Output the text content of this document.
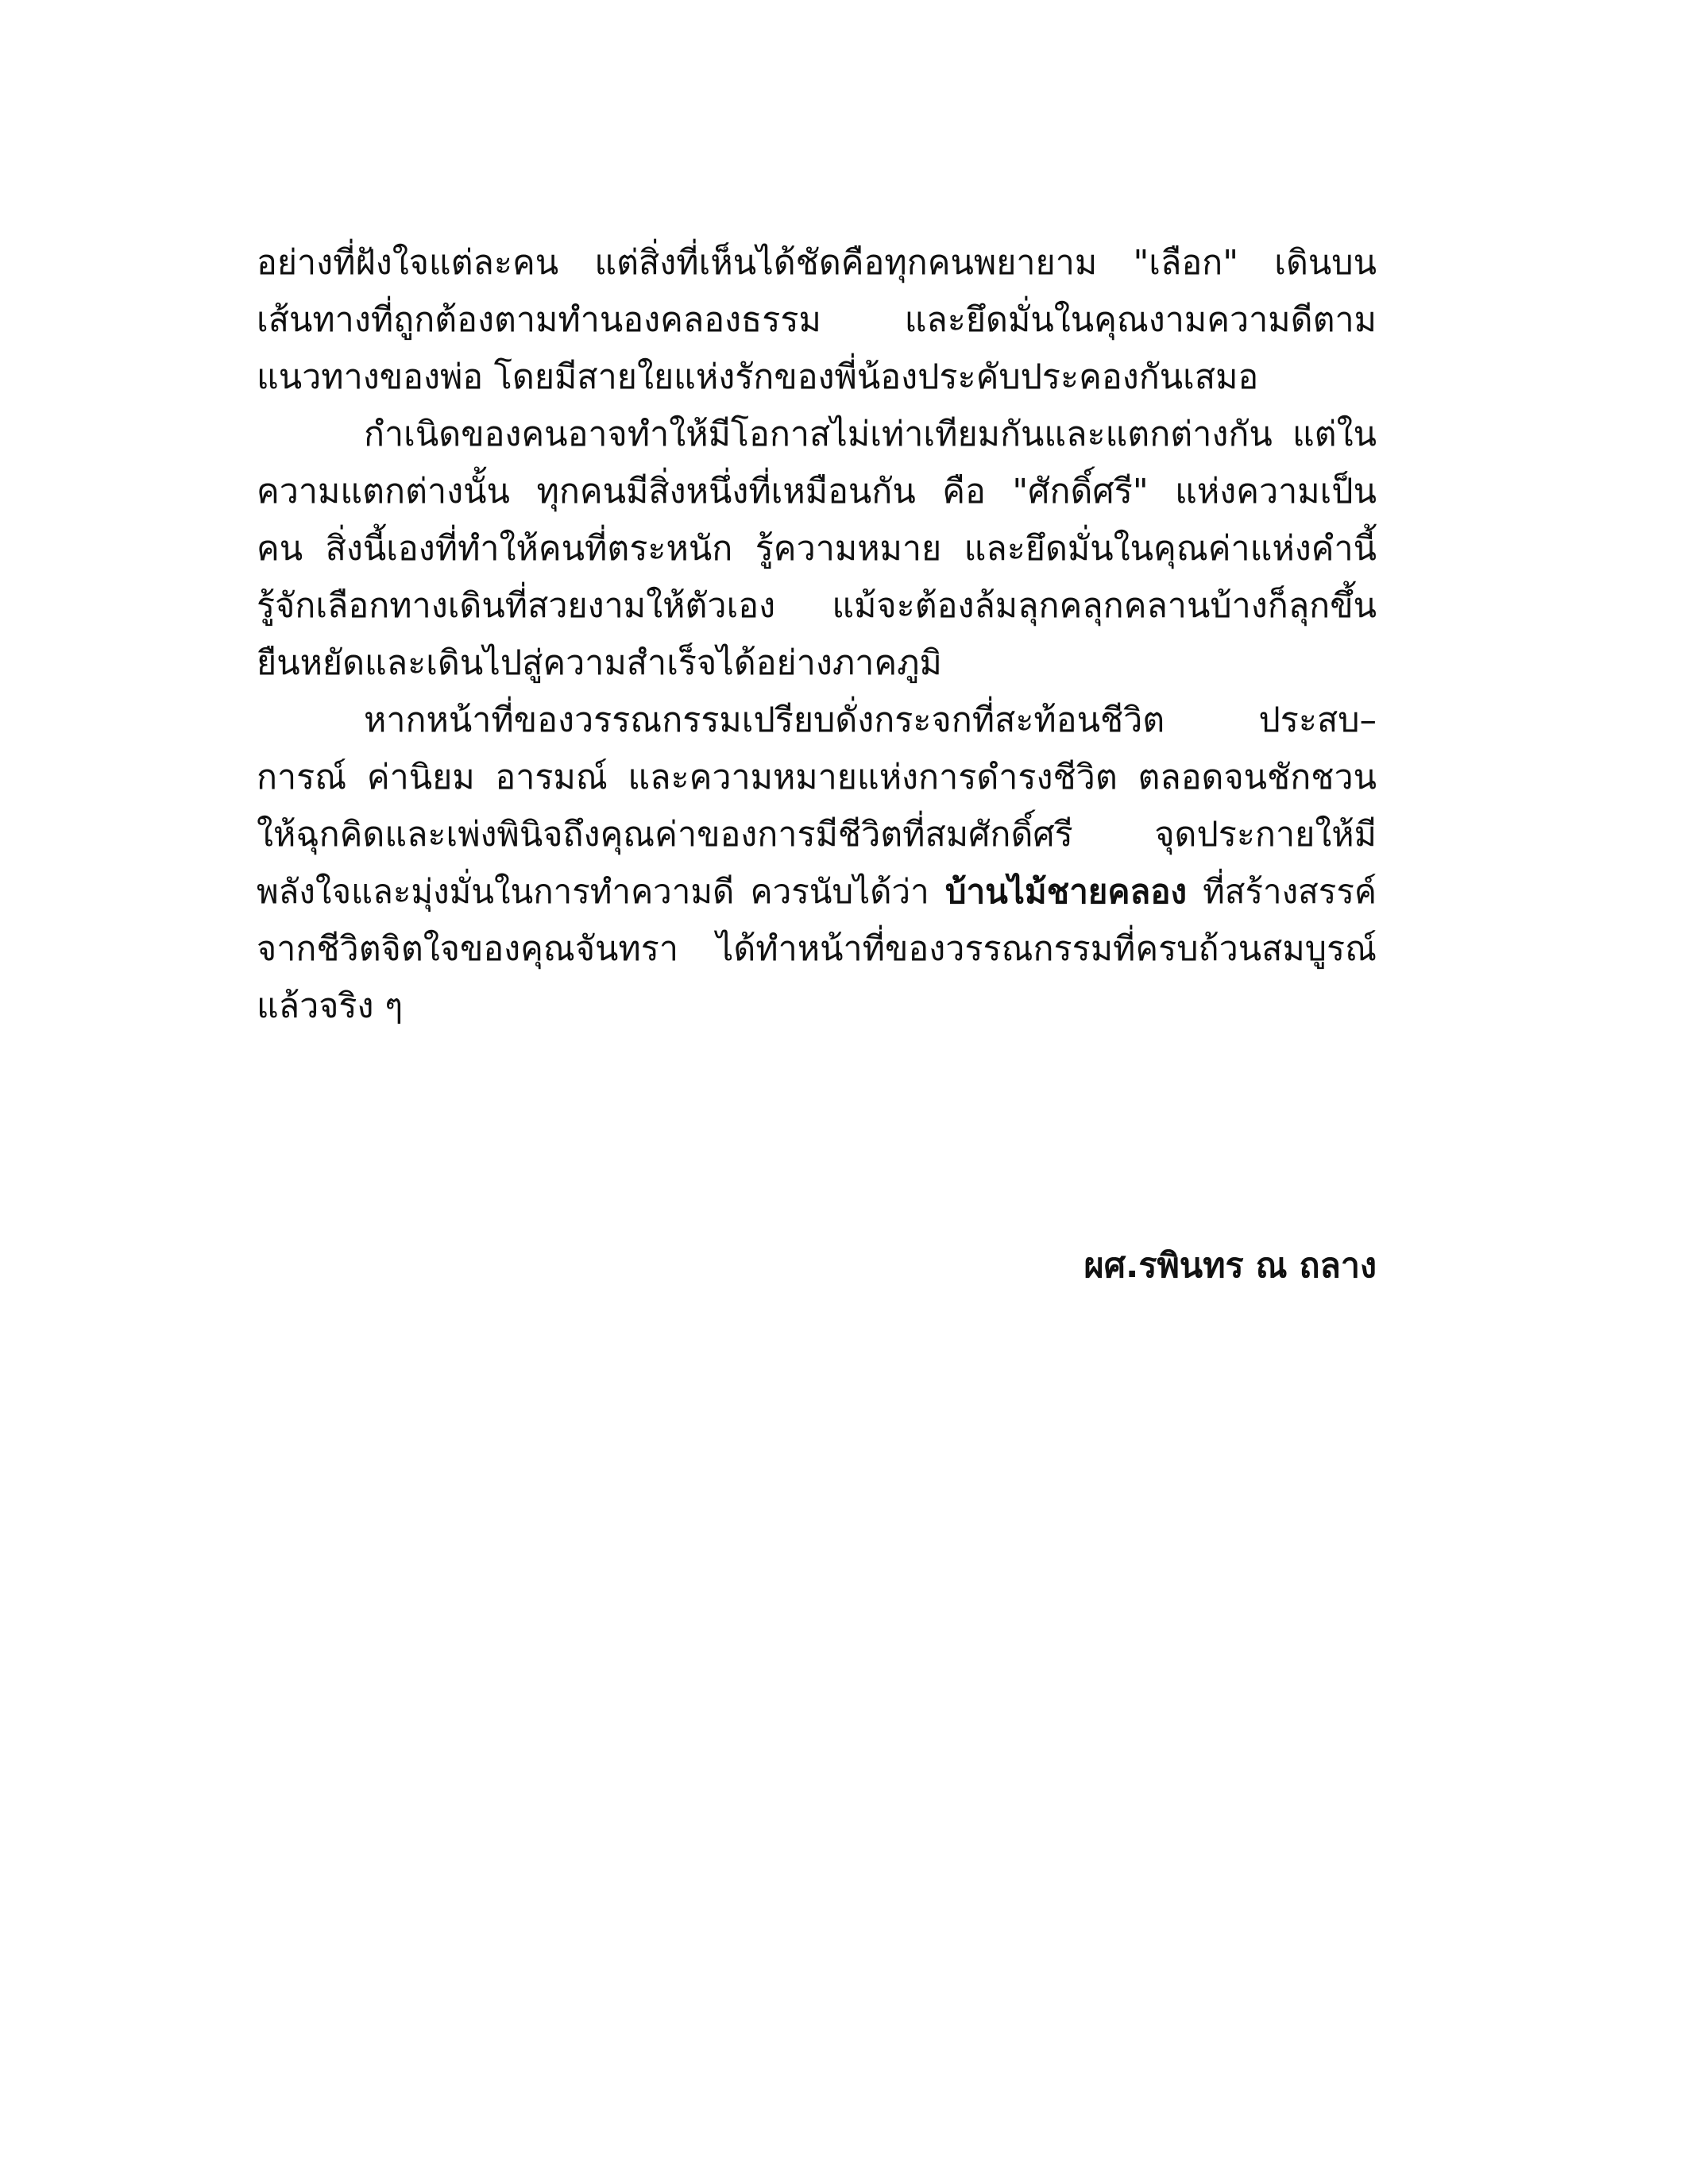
อย่างที่ฝังใจแต่ละคน แต่สิ่งที่เห็นได้ชัดคือทุกคนพยายาม "เลือก" เดินบน
เส้นทางที่ถูกต้องตามทำนองคลองธรรม และยึดมั่นในคุณงามความดีตาม
แนวทางของพ่อ โดยมีสายใยแห่งรักของพี่น้องประคับประคองกันเสมอ
กำเนิดของคนอาจทำให้มีโอกาสไม่เท่าเทียมกันและแตกต่างกัน แต่ใน
ความแตกต่างนั้น ทุกคนมีสิ่งหนึ่งที่เหมือนกัน คือ "ศักดิ์ศรี" แห่งความเป็น
คน สิ่งนี้เองที่ทำให้คนที่ตระหนัก รู้ความหมาย และยึดมั่นในคุณค่าแห่งคำนี้
รู้จักเลือกทางเดินที่สวยงามให้ตัวเอง แม้จะต้องล้มลุกคลุกคลานบ้างก็ลุกขึ้น
ยืนหยัดและเดินไปสู่ความสำเร็จได้อย่างภาคภูมิ
หากหน้าที่ของวรรณกรรมเปรียบดั่งกระจกที่สะท้อนชีวิต ประสบ–
การณ์ ค่านิยม อารมณ์ และความหมายแห่งการดำรงชีวิต ตลอดจนชักชวน
ให้ฉุกคิดและเพ่งพินิจถึงคุณค่าของการมีชีวิตที่สมศักดิ์ศรี จุดประกายให้มี
พลังใจและมุ่งมั่นในการทำความดี ควรนับได้ว่า บ้านไม้ชายคลอง ที่สร้างสรรค์
จากชีวิตจิตใจของคุณจันทรา ได้ทำหน้าที่ของวรรณกรรมที่ครบถ้วนสมบูรณ์
แล้วจริง ๆ
ผศ.รพินทร ณ ถลาง
